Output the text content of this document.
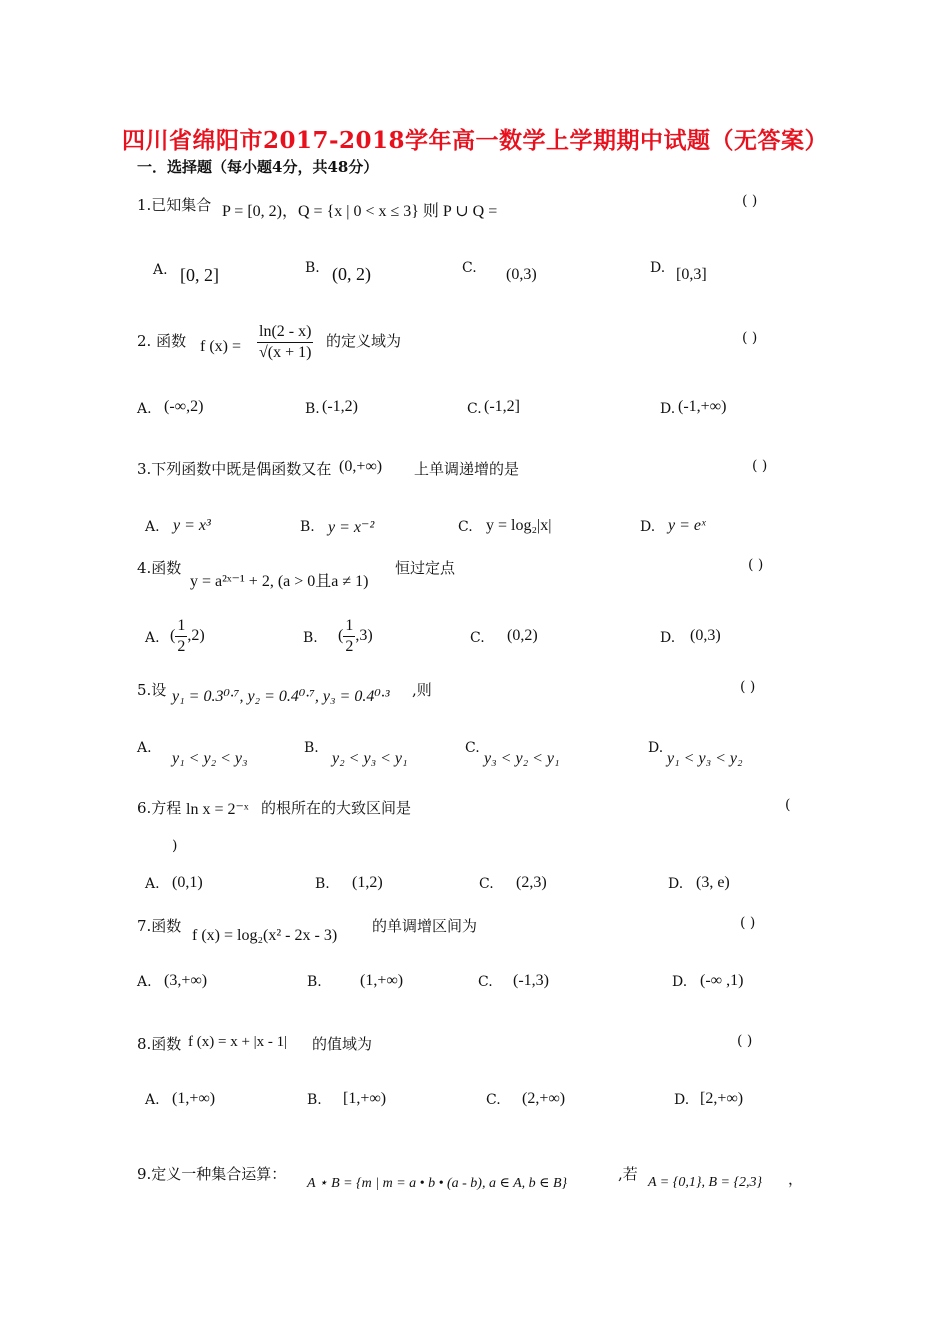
四川省绵阳市2017-2018学年高一数学上学期期中试题（无答案）
一．选择题（每小题4分，共48分）
1.已知集合 P = [0, 2)，Q = {x | 0 < x ≤ 3} 则 P ∪ Q =
( )
A. [0, 2]	B. (0, 2)	C. (0,3)	D. [0,3]
2. 函数 f $(x) = \frac{\ln(2 - x)}{√(x + 1)}$ 的定义域为	( )
A. (-∞,2)	B. (-1,2)	C. (-1,2]	D. (-1,+∞)
3.下列函数中既是偶函数又在 (0,+∞) 上单调递增的是	( )
A. y = x³	B. y = x⁻²	C. y = log₂|x|	D. y = eˣ
4.函数
y = a²ˣ⁻¹ + 2, (a > 0且a ≠ 1)
恒过定点	( )
A. ( $\frac{1}{2} ,2$)	B. ( $\frac{1}{2} ,3$)	C. (0,2)	D. (0,3)
5.设 y₁ = 0.3⁰·⁷, y₂ = 0.4⁰·⁷, y₃ = 0.4⁰·³ ,则	( )
A.
y₁ < y₂ < y₃
B.
y₂ < y₃ < y₁
C.
y₃ < y₂ < y₁
D.
y₁ < y₃ < y₂
6.方程 ln x = 2⁻ˣ 的根所在的大致区间是	(
)
A. (0,1)	B. (1,2)	C. (2,3)	D. (3, e)
7.函数
f (x) = log₂(x² - 2x - 3)
的单调增区间为	( )
A. (3,+∞)	B. (1,+∞)	C. (-1,3)	D. (-∞ ,1)
8.函数 f (x) = x + |x - 1| 的值域为	( )
A. (1,+∞)	B. [1,+∞)	C. (2,+∞)	D. [2,+∞)
9.定义一种集合运算：
A ⋆ B = {m | m = a • b • (a - b), a ∈ A, b ∈ B}
,若 A = {0,1}, B = {2,3} ，
